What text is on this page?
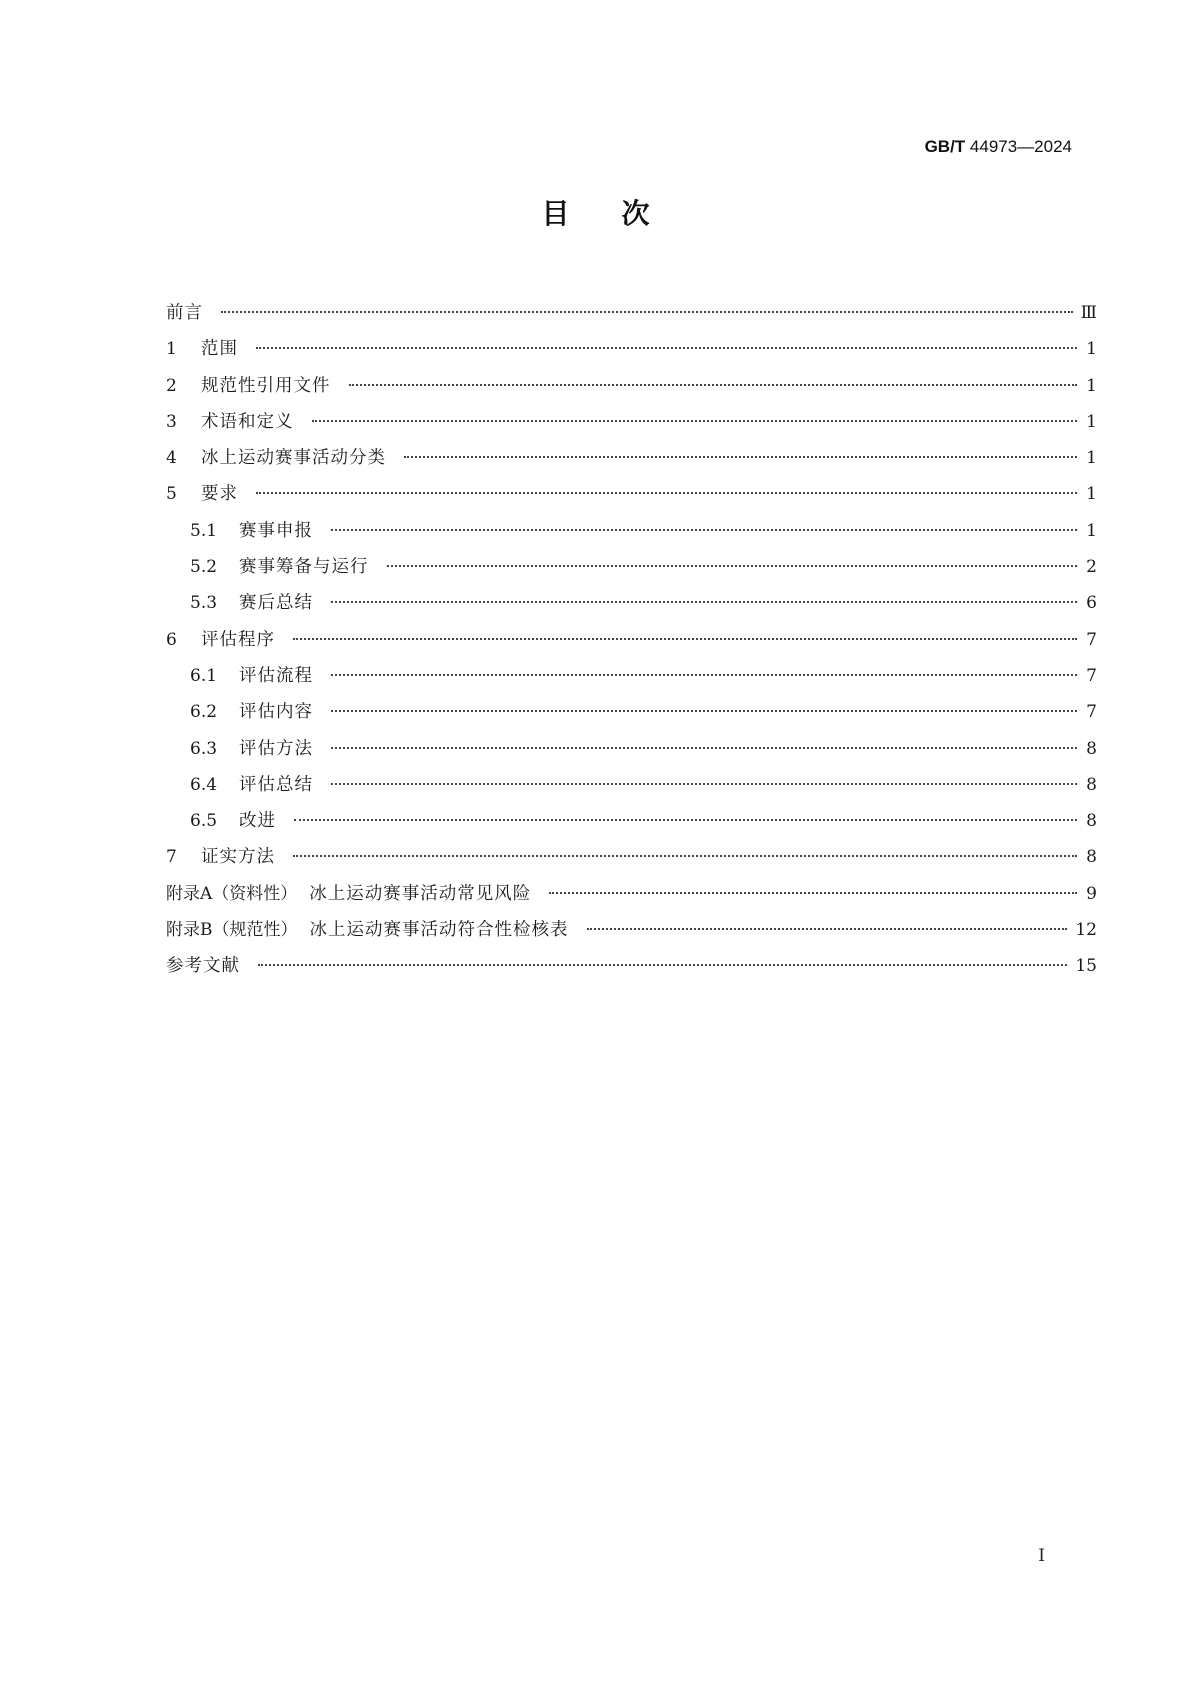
GB/T 44973—2024
目次
前言	Ⅲ
1	范围	1
2	规范性引用文件	1
3	术语和定义	1
4	冰上运动赛事活动分类	1
5	要求	1
5.1	赛事申报	1
5.2	赛事筹备与运行	2
5.3	赛后总结	6
6	评估程序	7
6.1	评估流程	7
6.2	评估内容	7
6.3	评估方法	8
6.4	评估总结	8
6.5	改进	8
7	证实方法	8
附录A（资料性） 冰上运动赛事活动常见风险	9
附录B（规范性） 冰上运动赛事活动符合性检核表	12
参考文献	15
I
